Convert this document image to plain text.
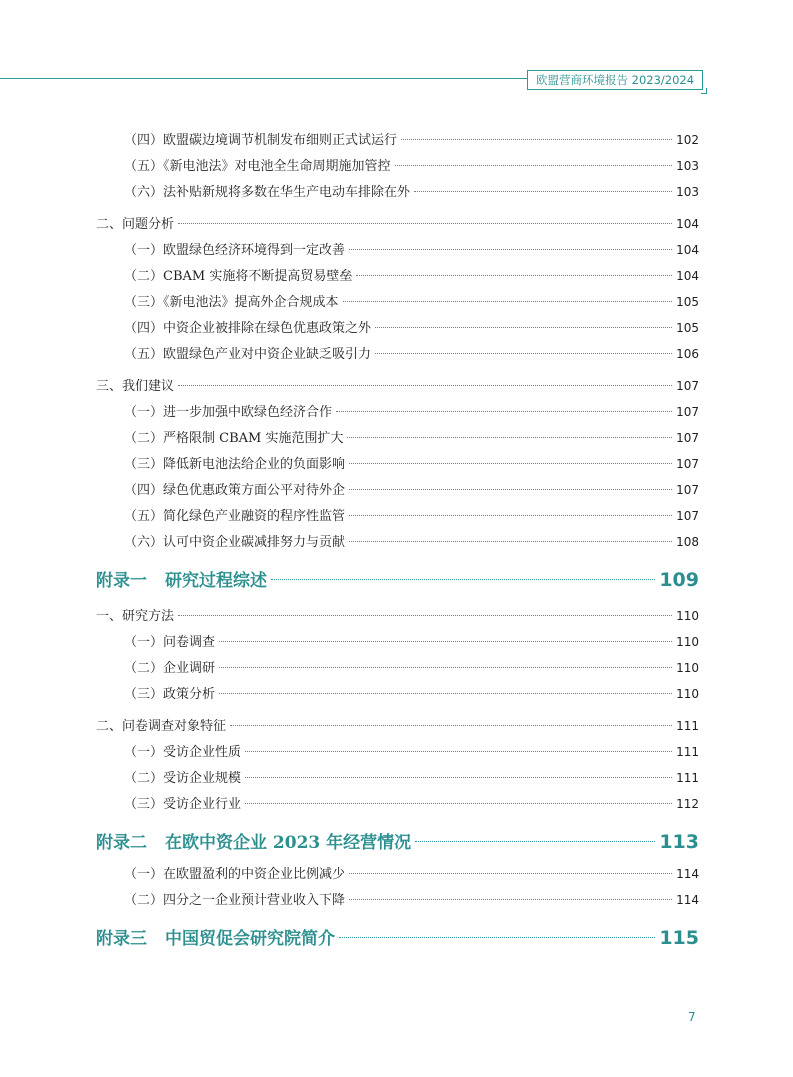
欧盟营商环境报告 2023/2024
（四）欧盟碳边境调节机制发布细则正式试运行	102
（五）《新电池法》对电池全生命周期施加管控	103
（六）法补贴新规将多数在华生产电动车排除在外	103
二、问题分析	104
（一）欧盟绿色经济环境得到一定改善	104
（二）CBAM 实施将不断提高贸易壁垒	104
（三）《新电池法》提高外企合规成本	105
（四）中资企业被排除在绿色优惠政策之外	105
（五）欧盟绿色产业对中资企业缺乏吸引力	106
三、我们建议	107
（一）进一步加强中欧绿色经济合作	107
（二）严格限制 CBAM 实施范围扩大	107
（三）降低新电池法给企业的负面影响	107
（四）绿色优惠政策方面公平对待外企	107
（五）简化绿色产业融资的程序性监管	107
（六）认可中资企业碳减排努力与贡献	108
附录一 研究过程综述	109
一、研究方法	110
（一）问卷调查	110
（二）企业调研	110
（三）政策分析	110
二、问卷调查对象特征	111
（一）受访企业性质	111
（二）受访企业规模	111
（三）受访企业行业	112
附录二 在欧中资企业 2023 年经营情况	113
（一）在欧盟盈利的中资企业比例减少	114
（二）四分之一企业预计营业收入下降	114
附录三 中国贸促会研究院简介	115
7
